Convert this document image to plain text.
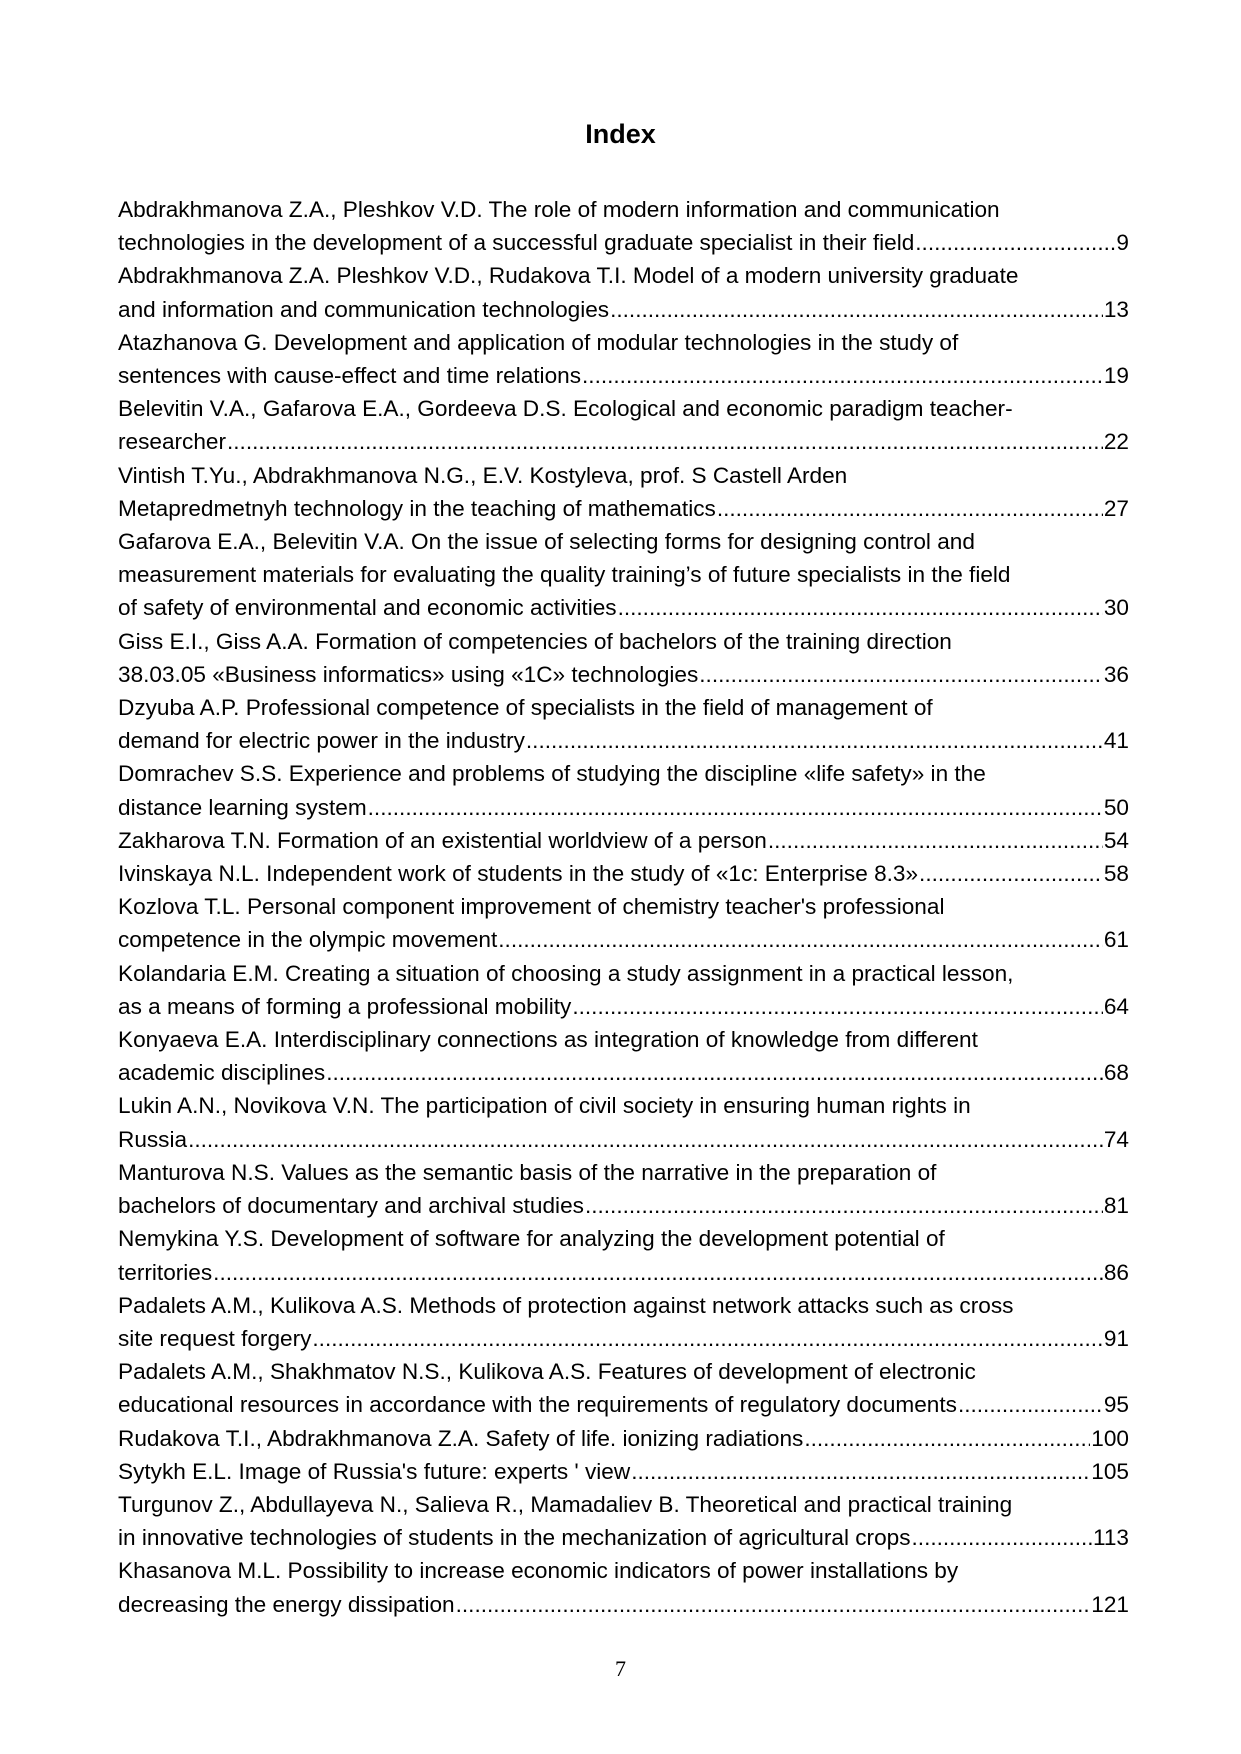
Index
Abdrakhmanova Z.A., Pleshkov V.D. The role of modern information and communication
technologies in the development of a successful graduate specialist in their field .....	9
Abdrakhmanova Z.A. Pleshkov V.D., Rudakova T.I. Model of a modern university graduate
and information and communication technologies .....	13
Atazhanova G. Development and application of modular technologies in the study of
sentences with cause-effect and time relations .....	19
Belevitin V.A., Gafarova E.A., Gordeeva D.S. Ecological and economic paradigm teacher-
researcher .....	22
Vintish T.Yu., Abdrakhmanova N.G., E.V. Kostyleva, prof. S Castell Arden
Metapredmetnyh technology in the teaching of mathematics .....	27
Gafarova E.A., Belevitin V.A. On the issue of selecting forms for designing control and
measurement materials for evaluating the quality training’s of future specialists in the field
of safety of environmental and economic activities .....	30
Giss E.I., Giss A.A. Formation of competencies of bachelors of the training direction
38.03.05 «Business informatics» using «1C» technologies .....	36
Dzyuba A.P. Professional competence of specialists in the field of management of
demand for electric power in the industry .....	41
Domrachev S.S. Experience and problems of studying the discipline «life safety» in the
distance learning system .....	50
Zakharova T.N. Formation of an existential worldview of a person .....	54
Ivinskaya N.L. Independent work of students in the study of «1c: Enterprise 8.3» .....	58
Kozlova T.L. Personal component improvement of chemistry teacher's professional
competence in the olympic movement .....	61
Kolandaria E.M. Creating a situation of choosing a study assignment in a practical lesson,
as a means of forming a professional mobility .....	64
Konyaeva E.A. Interdisciplinary connections as integration of knowledge from different
academic disciplines .....	68
Lukin A.N., Novikova V.N. The participation of civil society in ensuring human rights in
Russia .....	74
Manturova N.S. Values as the semantic basis of the narrative in the preparation of
bachelors of documentary and archival studies .....	81
Nemykina Y.S. Development of software for analyzing the development potential of
territories .....	86
Padalets A.M., Kulikova A.S. Methods of protection against network attacks such as cross
site request forgery .....	91
Padalets A.M., Shakhmatov N.S., Kulikova A.S. Features of development of electronic
educational resources in accordance with the requirements of regulatory documents .....	95
Rudakova T.I., Abdrakhmanova Z.A. Safety of life. ionizing radiations .....	100
Sytykh E.L. Image of Russia's future: experts ' view .....	105
Turgunov Z., Abdullayeva N., Salieva R., Mamadaliev B. Theoretical and practical training
in innovative technologies of students in the mechanization of agricultural crops .....	113
Khasanova M.L. Possibility to increase economic indicators of power installations by
decreasing the energy dissipation .....	121
7
